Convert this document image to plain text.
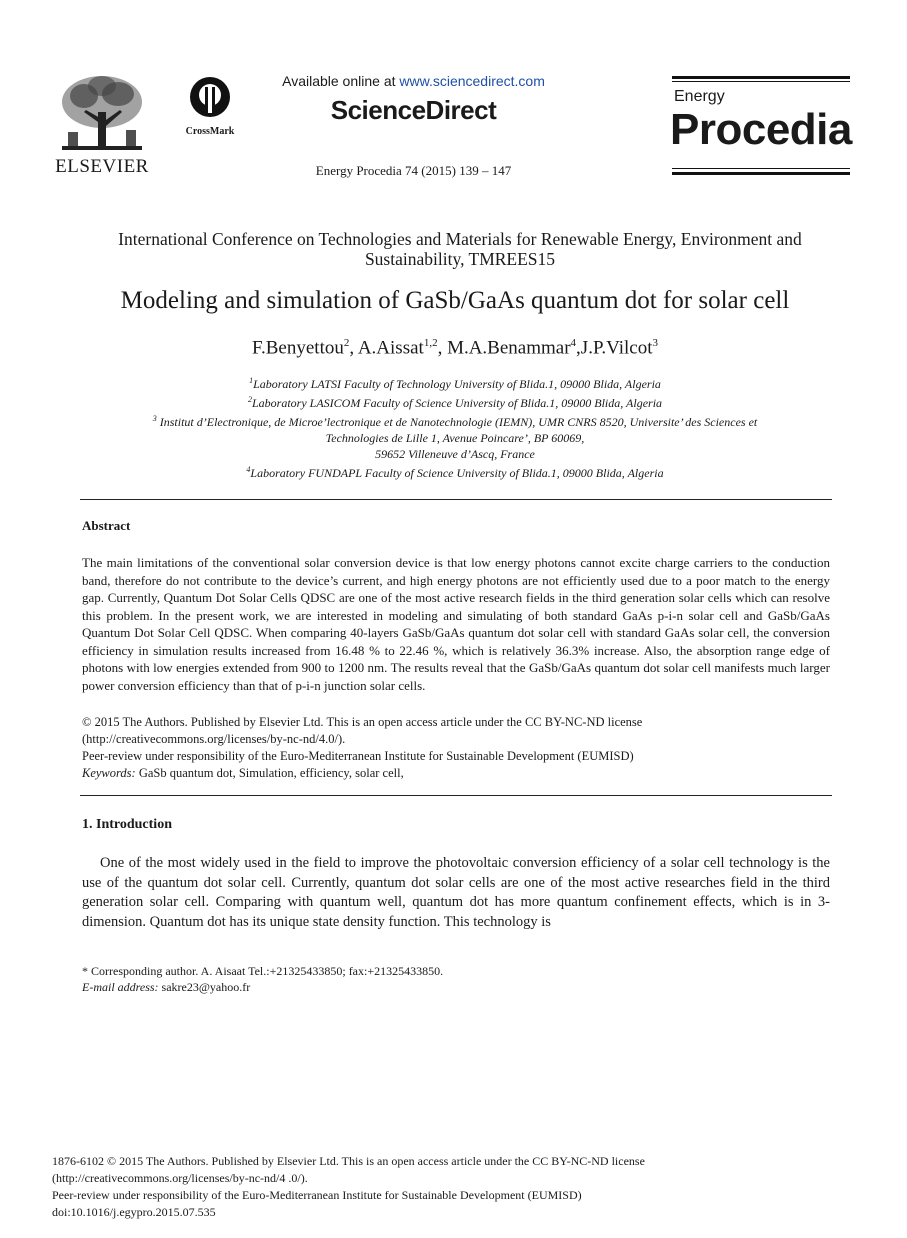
ELSEVIER
CrossMark
Available online at www.sciencedirect.com
ScienceDirect
Energy Procedia 74 (2015) 139 – 147
Energy
Procedia
International Conference on Technologies and Materials for Renewable Energy, Environment and
Sustainability, TMREES15
Modeling and simulation of GaSb/GaAs quantum dot for solar cell
F.Benyettou$^2$, A.Aissat$^{1,2}$, M.A.Benammar$^4$,J.P.Vilcot$^3$
$^1$Laboratory LATSI Faculty of Technology University of Blida.1, 09000 Blida, Algeria
$^2$Laboratory LASICOM Faculty of Science University of Blida.1, 09000 Blida, Algeria
$^3$ Institut d’Electronique, de Microe’lectronique et de Nanotechnologie (IEMN), UMR CNRS 8520, Universite’ des Sciences et
Technologies de Lille 1, Avenue Poincare’, BP 60069,
59652 Villeneuve d’Ascq, France
$^4$Laboratory FUNDAPL Faculty of Science University of Blida.1, 09000 Blida, Algeria
Abstract

The main limitations of the conventional solar conversion device is that low energy photons cannot excite charge carriers to the conduction band, therefore do not contribute to the device’s current, and high energy photons are not efficiently used due to a poor match to the energy gap. Currently, Quantum Dot Solar Cells QDSC are one of the most active research fields in the third generation solar cells which can resolve this problem. In the present work, we are interested in modeling and simulating of both standard GaAs p-i-n solar cell and GaSb/GaAs Quantum Dot Solar Cell QDSC. When comparing 40-layers GaSb/GaAs quantum dot solar cell with standard GaAs solar cell, the conversion efficiency in simulation results increased from 16.48 % to 22.46 %, which is relatively 36.3% increase. Also, the absorption range edge of photons with low energies extended from 900 to 1200 nm. The results reveal that the GaSb/GaAs quantum dot solar cell manifests much larger power conversion efficiency than that of p-i-n junction solar cells.

© 2015 The Authors. Published by Elsevier Ltd. This is an open access article under the CC BY-NC-ND license
(http://creativecommons.org/licenses/by-nc-nd/4.0/).
Peer-review under responsibility of the Euro-Mediterranean Institute for Sustainable Development (EUMISD)
Keywords: GaSb quantum dot, Simulation, efficiency, solar cell,
1. Introduction

One of the most widely used in the field to improve the photovoltaic conversion efficiency of a solar cell technology is the use of the quantum dot solar cell. Currently, quantum dot solar cells are one of the most active researches field in the third generation solar cell. Comparing with quantum well, quantum dot has more quantum confinement effects, which is in 3-dimension. Quantum dot has its unique state density function. This technology is

* Corresponding author. A. Aisaat Tel.:+21325433850; fax:+21325433850.
E-mail address: sakre23@yahoo.fr
1876-6102 © 2015 The Authors. Published by Elsevier Ltd. This is an open access article under the CC BY-NC-ND license
(http://creativecommons.org/licenses/by-nc-nd/4 .0/).
Peer-review under responsibility of the Euro-Mediterranean Institute for Sustainable Development (EUMISD)
doi:10.1016/j.egypro.2015.07.535
